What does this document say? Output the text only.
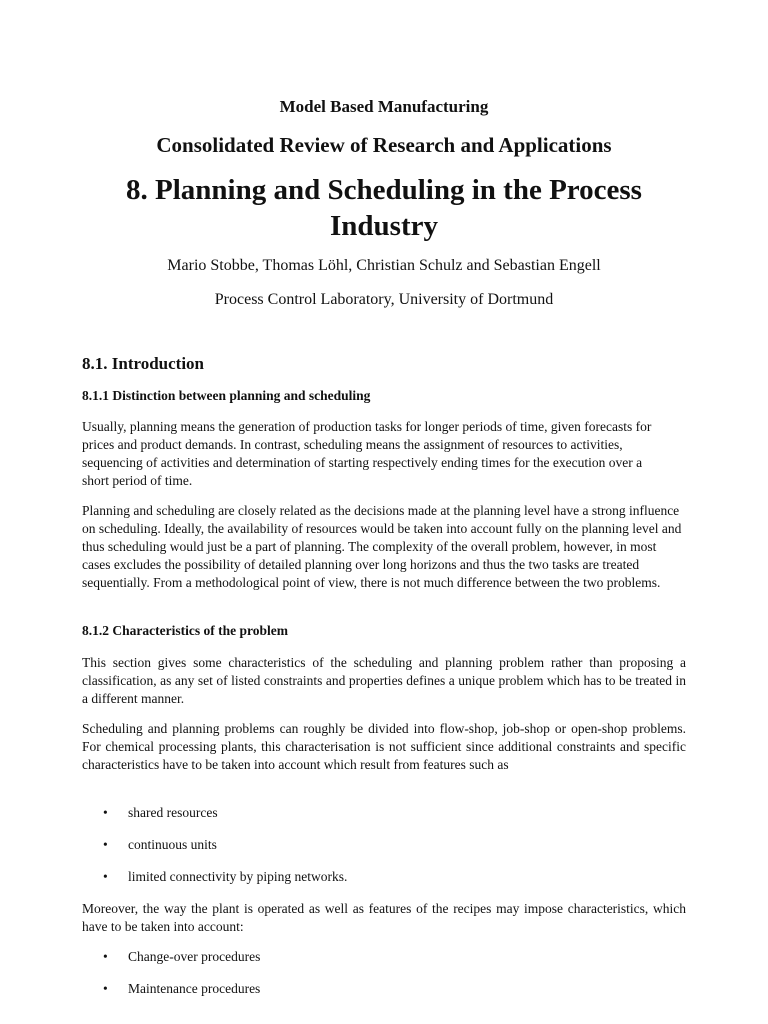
Model Based Manufacturing
Consolidated Review of Research and Applications
8. Planning and Scheduling in the Process Industry
Mario Stobbe, Thomas Löhl, Christian Schulz and Sebastian Engell
Process Control Laboratory, University of Dortmund
8.1. Introduction
8.1.1 Distinction between planning and scheduling

Usually, planning means the generation of production tasks for longer periods of time, given forecasts for prices and product demands. In contrast, scheduling means the assignment of resources to activities, sequencing of activities and determination of starting respectively ending times for the execution over a short period of time.

Planning and scheduling are closely related as the decisions made at the planning level have a strong influence on scheduling. Ideally, the availability of resources would be taken into account fully on the planning level and thus scheduling would just be a part of planning. The complexity of the overall problem, however, in most cases excludes the possibility of detailed planning over long horizons and thus the two tasks are treated sequentially. From a methodological point of view, there is not much difference between the two problems.

8.1.2 Characteristics of the problem

This section gives some characteristics of the scheduling and planning problem rather than proposing a classification, as any set of listed constraints and properties defines a unique problem which has to be treated in a different manner.

Scheduling and planning problems can roughly be divided into flow-shop, job-shop or open-shop problems. For chemical processing plants, this characterisation is not sufficient since additional constraints and specific characteristics have to be taken into account which result from features such as

• shared resources
• continuous units
• limited connectivity by piping networks.

Moreover, the way the plant is operated as well as features of the recipes may impose characteristics, which have to be taken into account:

• Change-over procedures
• Maintenance procedures
